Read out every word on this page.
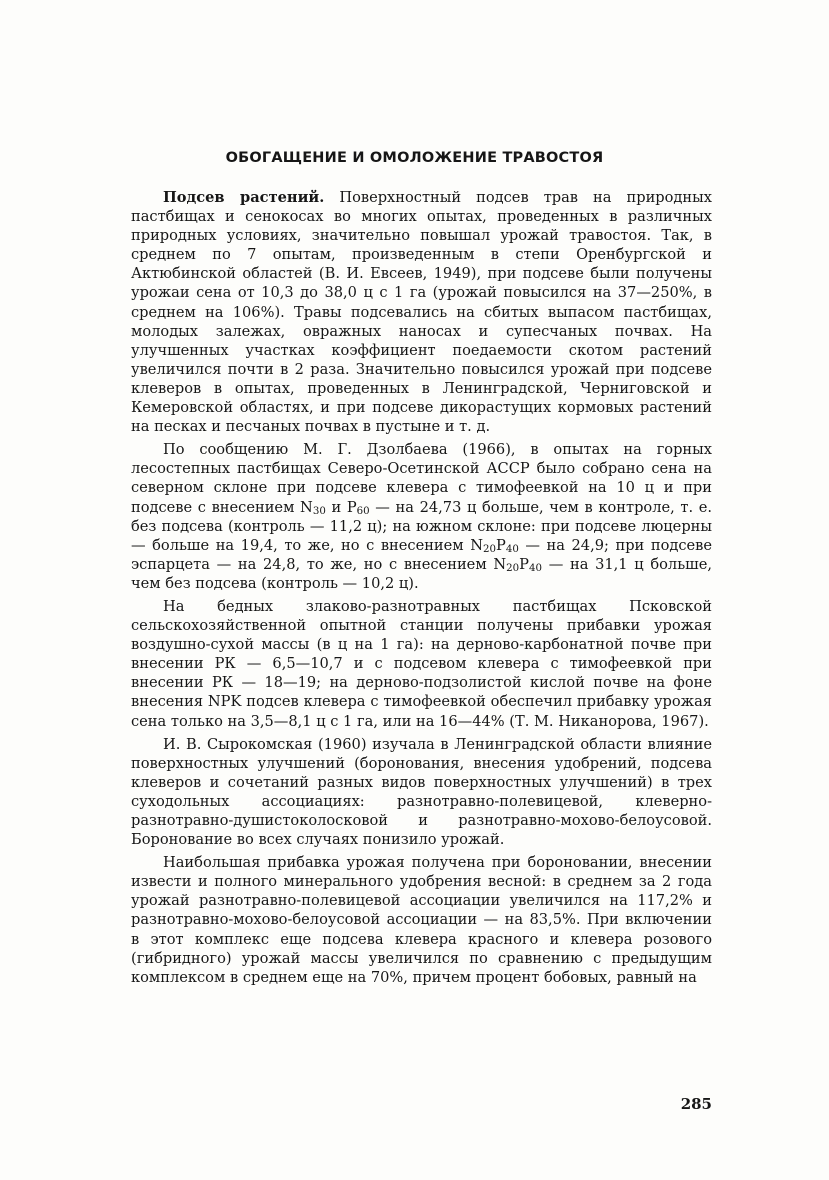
ОБОГАЩЕНИЕ И ОМОЛОЖЕНИЕ ТРАВОСТОЯ

Подсев растений. Поверхностный подсев трав на природных пастбищах и сенокосах во многих опытах, проведенных в различных природных условиях, значительно повышал урожай травостоя. Так, в среднем по 7 опытам, произведенным в степи Оренбургской и Актюбинской областей (В. И. Евсеев, 1949), при подсеве были получены урожаи сена от 10,3 до 38,0 ц с 1 га (урожай повысился на 37—250%, в среднем на 106%). Травы подсевались на сбитых выпасом пастбищах, молодых залежах, овражных наносах и супесчаных почвах. На улучшенных участках коэффициент поедаемости скотом растений увеличился почти в 2 раза. Значительно повысился урожай при подсеве клеверов в опытах, проведенных в Ленинградской, Черниговской и Кемеровской областях, и при подсеве дикорастущих кормовых растений на песках и песчаных почвах в пустыне и т. д.

По сообщению М. Г. Дзолбаева (1966), в опытах на горных лесостепных пастбищах Северо-Осетинской АССР было собрано сена на северном склоне при подсеве клевера с тимофеевкой на 10 ц и при подсеве с внесением $N_{30}$ и $P_{60}$ — на 24,73 ц больше, чем в контроле, т. е. без подсева (контроль — 11,2 ц); на южном склоне: при подсеве люцерны — больше на 19,4, то же, но с внесением $N_{20}P_{40}$ — на 24,9; при подсеве эспарцета — на 24,8, то же, но с внесением $N_{20}P_{40}$ — на 31,1 ц больше, чем без подсева (контроль — 10,2 ц).

На бедных злаково-разнотравных пастбищах Псковской сельскохозяйственной опытной станции получены прибавки урожая воздушно-сухой массы (в ц на 1 га): на дерново-карбонатной почве при внесении РК — 6,5—10,7 и с подсевом клевера с тимофеевкой при внесении РК — 18—19; на дерново-подзолистой кислой почве на фоне внесения NPK подсев клевера с тимофеевкой обеспечил прибавку урожая сена только на 3,5—8,1 ц с 1 га, или на 16—44% (Т. М. Никанорова, 1967).

И. В. Сырокомская (1960) изучала в Ленинградской области влияние поверхностных улучшений (боронования, внесения удобрений, подсева клеверов и сочетаний разных видов поверхностных улучшений) в трех суходольных ассоциациях: разнотравно-полевицевой, клеверно-разнотравно-душистоколосковой и разнотравно-мохово-белоусовой. Боронование во всех случаях понизило урожай.

Наибольшая прибавка урожая получена при бороновании, внесении извести и полного минерального удобрения весной: в среднем за 2 года урожай разнотравно-полевицевой ассоциации увеличился на 117,2% и разнотравно-мохово-белоусовой ассоциации — на 83,5%. При включении в этот комплекс еще подсева клевера красного и клевера розового (гибридного) урожай массы увеличился по сравнению с предыдущим комплексом в среднем еще на 70%, причем процент бобовых, равный на

285
